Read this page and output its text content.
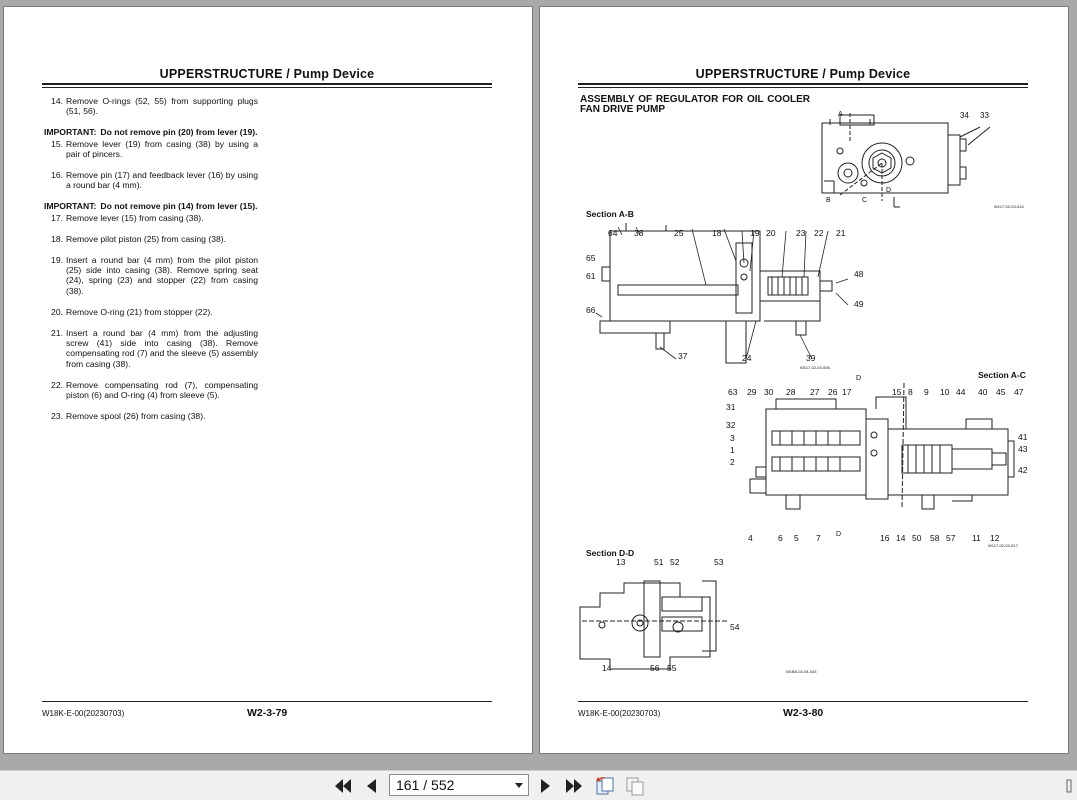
UPPERSTRUCTURE / Pump Device
14. Remove O-rings (52, 55) from supporting plugs (51, 56).
IMPORTANT: Do not remove pin (20) from lever (19).
15. Remove lever (19) from casing (38) by using a pair of pincers.
16. Remove pin (17) and feedback lever (16) by using a round bar (4 mm).
IMPORTANT: Do not remove pin (14) from lever (15).
17. Remove lever (15) from casing (38).
18. Remove pilot piston (25) from casing (38).
19. Insert a round bar (4 mm) from the pilot piston (25) side into casing (38). Remove spring seat (24), spring (23) and stopper (22) from casing (38).
20. Remove O-ring (21) from stopper (22).
21. Insert a round bar (4 mm) from the adjusting screw (41) side into casing (38). Remove compensating rod (7) and the sleeve (5) assembly from casing (38).
22. Remove compensating rod (7), compensating piston (6) and O-ring (4) from sleeve (5).
23. Remove spool (26) from casing (38).
W18K-E-00(20230703)	W2-3-79
UPPERSTRUCTURE / Pump Device
ASSEMBLY OF REGULATOR FOR OIL COOLER FAN DRIVE PUMP	A
B	C
D
34 33
W117-02-03-016
Section A-B
64 38	25	18	19 20 23 22 21
65
61	48
49
66
37	24	39
W117-02-03-006
Section A-C
63 29 30 28 27 26 17	15 8 9 10 44 40 45 47
31
32
3
1
2
41
43
42
4	6 5 7	16 14 50 58 57 11 12
D
D
W117-02-03-017
Section D-D
13	51 52	53
54
14	56 55	W1B8-02-04-043
W18K-E-00(20230703)	W2-3-80
161 / 552
